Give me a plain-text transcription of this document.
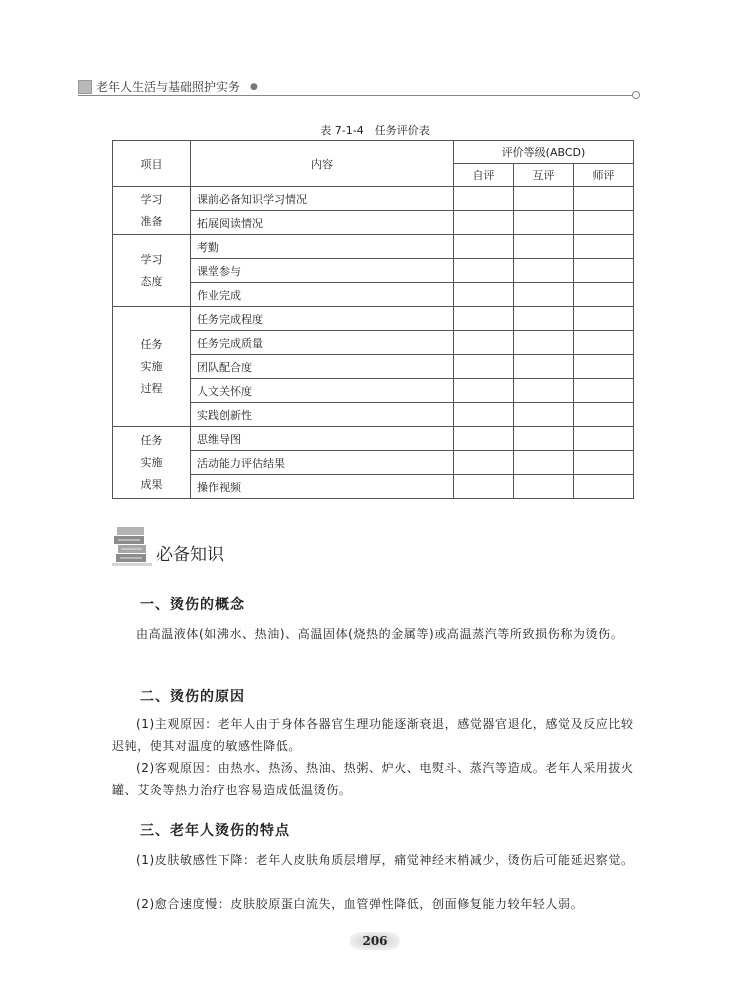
老年人生活与基础照护实务 ●
表 7-1-4　任务评价表
项目	内容	评价等级(ABCD)		
		自评	互评	师评

学习
准备	课前必备知识学习情况			
	拓展阅读情况			

学习
态度	考勤			
	课堂参与			
	作业完成			

任务
实施
过程	任务完成程度			
	任务完成质量			
	团队配合度			
	人文关怀度			
	实践创新性			

任务
实施
成果	思维导图			
	活动能力评估结果			
	操作视频			
必备知识
一、烫伤的概念
由高温液体(如沸水、热油)、高温固体(烧热的金属等)或高温蒸汽等所致损伤称为烫伤。
二、烫伤的原因
(1)主观原因：老年人由于身体各器官生理功能逐渐衰退，感觉器官退化，感觉及反应比较迟钝，使其对温度的敏感性降低。
(2)客观原因：由热水、热汤、热油、热粥、炉火、电熨斗、蒸汽等造成。老年人采用拔火罐、艾灸等热力治疗也容易造成低温烫伤。
三、老年人烫伤的特点
(1)皮肤敏感性下降：老年人皮肤角质层增厚，痛觉神经末梢减少，烫伤后可能延迟察觉。
(2)愈合速度慢：皮肤胶原蛋白流失，血管弹性降低，创面修复能力较年轻人弱。
206
